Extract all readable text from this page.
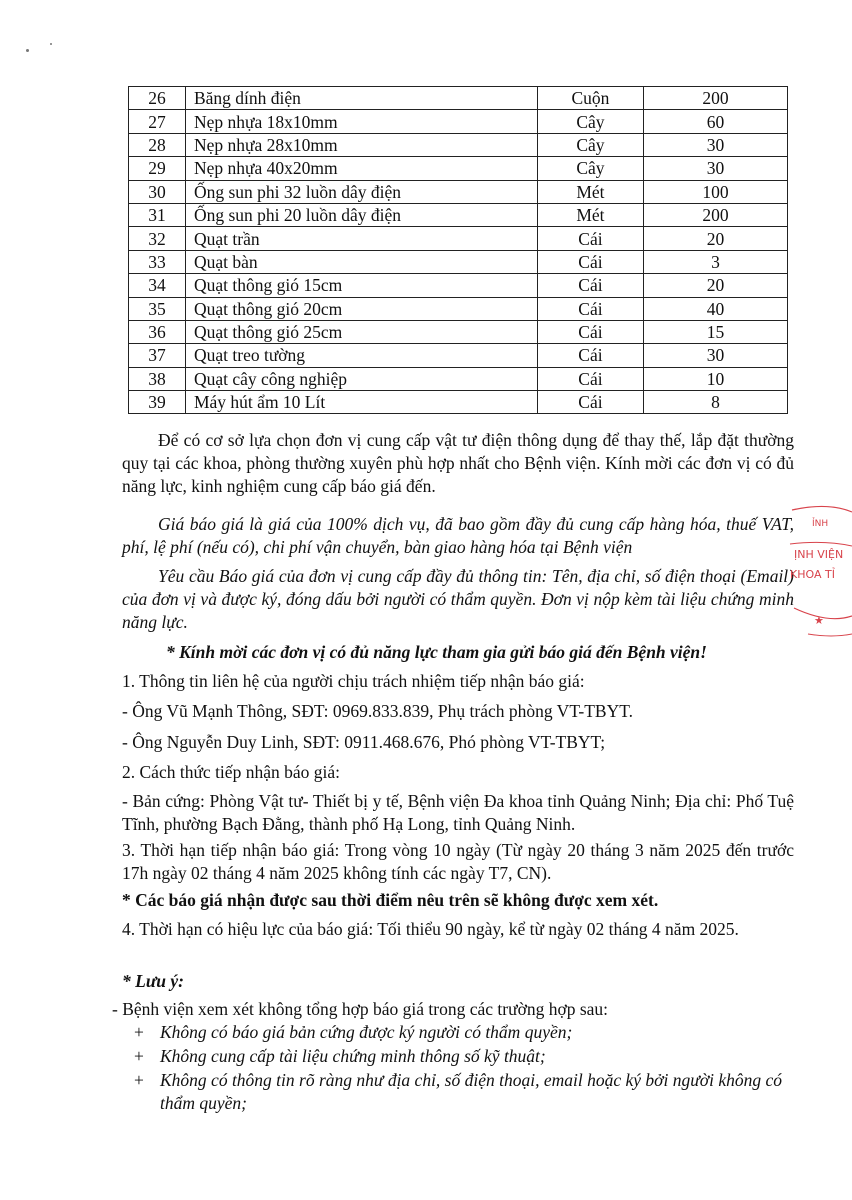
26	Băng dính điện	Cuộn	200
27	Nẹp nhựa 18x10mm	Cây	60
28	Nẹp nhựa 28x10mm	Cây	30
29	Nẹp nhựa 40x20mm	Cây	30
30	Ống sun phi 32 luồn dây điện	Mét	100
31	Ống sun phi 20 luồn dây điện	Mét	200
32	Quạt trần	Cái	20
33	Quạt bàn	Cái	3
34	Quạt thông gió 15cm	Cái	20
35	Quạt thông gió 20cm	Cái	40
36	Quạt thông gió 25cm	Cái	15
37	Quạt treo tường	Cái	30
38	Quạt cây công nghiệp	Cái	10
39	Máy hút ẩm 10 Lít	Cái	8
Để có cơ sở lựa chọn đơn vị cung cấp vật tư điện thông dụng để thay thế, lắp đặt thường quy tại các khoa, phòng thường xuyên phù hợp nhất cho Bệnh viện. Kính mời các đơn vị có đủ năng lực, kinh nghiệm cung cấp báo giá đến.
Giá báo giá là giá của 100% dịch vụ, đã bao gồm đầy đủ cung cấp hàng hóa, thuế VAT, phí, lệ phí (nếu có), chi phí vận chuyển, bàn giao hàng hóa tại Bệnh viện
Yêu cầu Báo giá của đơn vị cung cấp đầy đủ thông tin: Tên, địa chỉ, số điện thoại (Email) của đơn vị và được ký, đóng dấu bởi người có thẩm quyền. Đơn vị nộp kèm tài liệu chứng minh năng lực.
* Kính mời các đơn vị có đủ năng lực tham gia gửi báo giá đến Bệnh viện!
1. Thông tin liên hệ của người chịu trách nhiệm tiếp nhận báo giá:
- Ông Vũ Mạnh Thông, SĐT: 0969.833.839, Phụ trách phòng VT-TBYT.
- Ông Nguyễn Duy Linh, SĐT: 0911.468.676, Phó phòng VT-TBYT;
2. Cách thức tiếp nhận báo giá:
- Bản cứng: Phòng Vật tư- Thiết bị y tế, Bệnh viện Đa khoa tỉnh Quảng Ninh; Địa chỉ: Phố Tuệ Tĩnh, phường Bạch Đằng, thành phố Hạ Long, tỉnh Quảng Ninh.
3. Thời hạn tiếp nhận báo giá: Trong vòng 10 ngày (Từ ngày 20 tháng 3 năm 2025 đến trước 17h ngày 02 tháng 4 năm 2025 không tính các ngày T7, CN).
* Các báo giá nhận được sau thời điểm nêu trên sẽ không được xem xét.
4. Thời hạn có hiệu lực của báo giá: Tối thiểu 90 ngày, kể từ ngày 02 tháng 4 năm 2025.
* Lưu ý:
- Bệnh viện xem xét không tổng hợp báo giá trong các trường hợp sau:
+ Không có báo giá bản cứng được ký người có thẩm quyền;
+ Không cung cấp tài liệu chứng minh thông số kỹ thuật;
+ Không có thông tin rõ ràng như địa chỉ, số điện thoại, email hoặc ký bởi người không có thẩm quyền;
ỈNH
ỊNH VIỆN
KHOA TỈ
★
